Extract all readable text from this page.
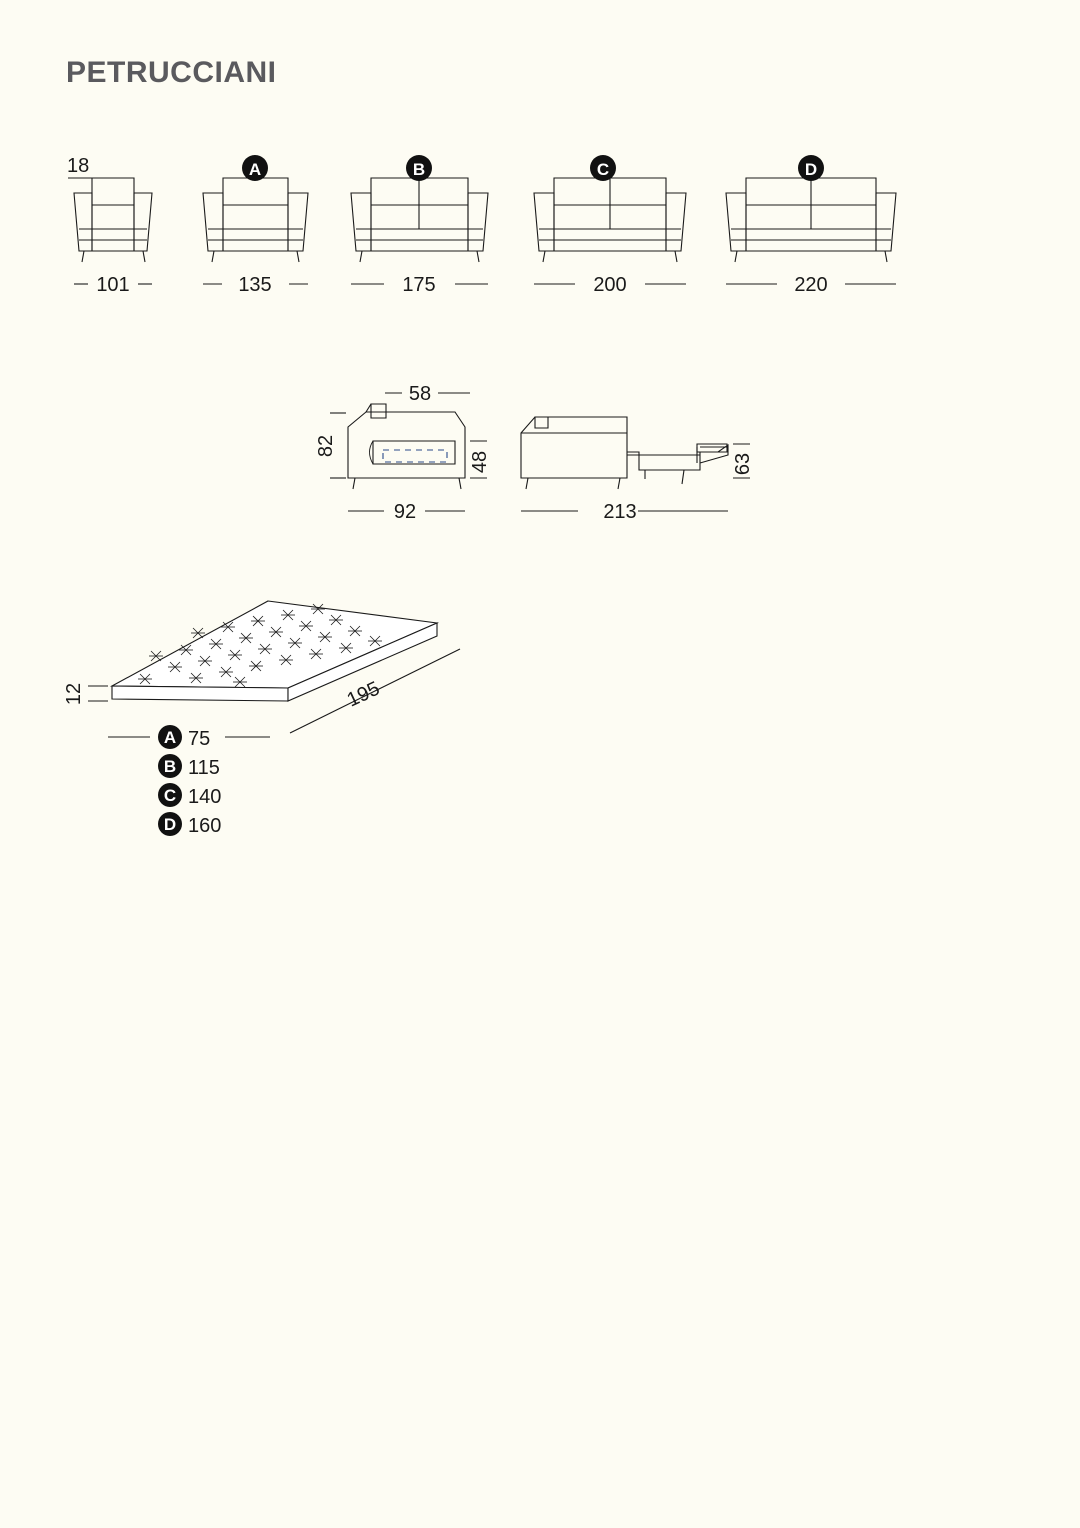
PETRUCCIANI
18
101
A
135
B
175
C
200
D
220
58
82
48
92	213
63
12	195
A 75
B 115
C 140
D 160
